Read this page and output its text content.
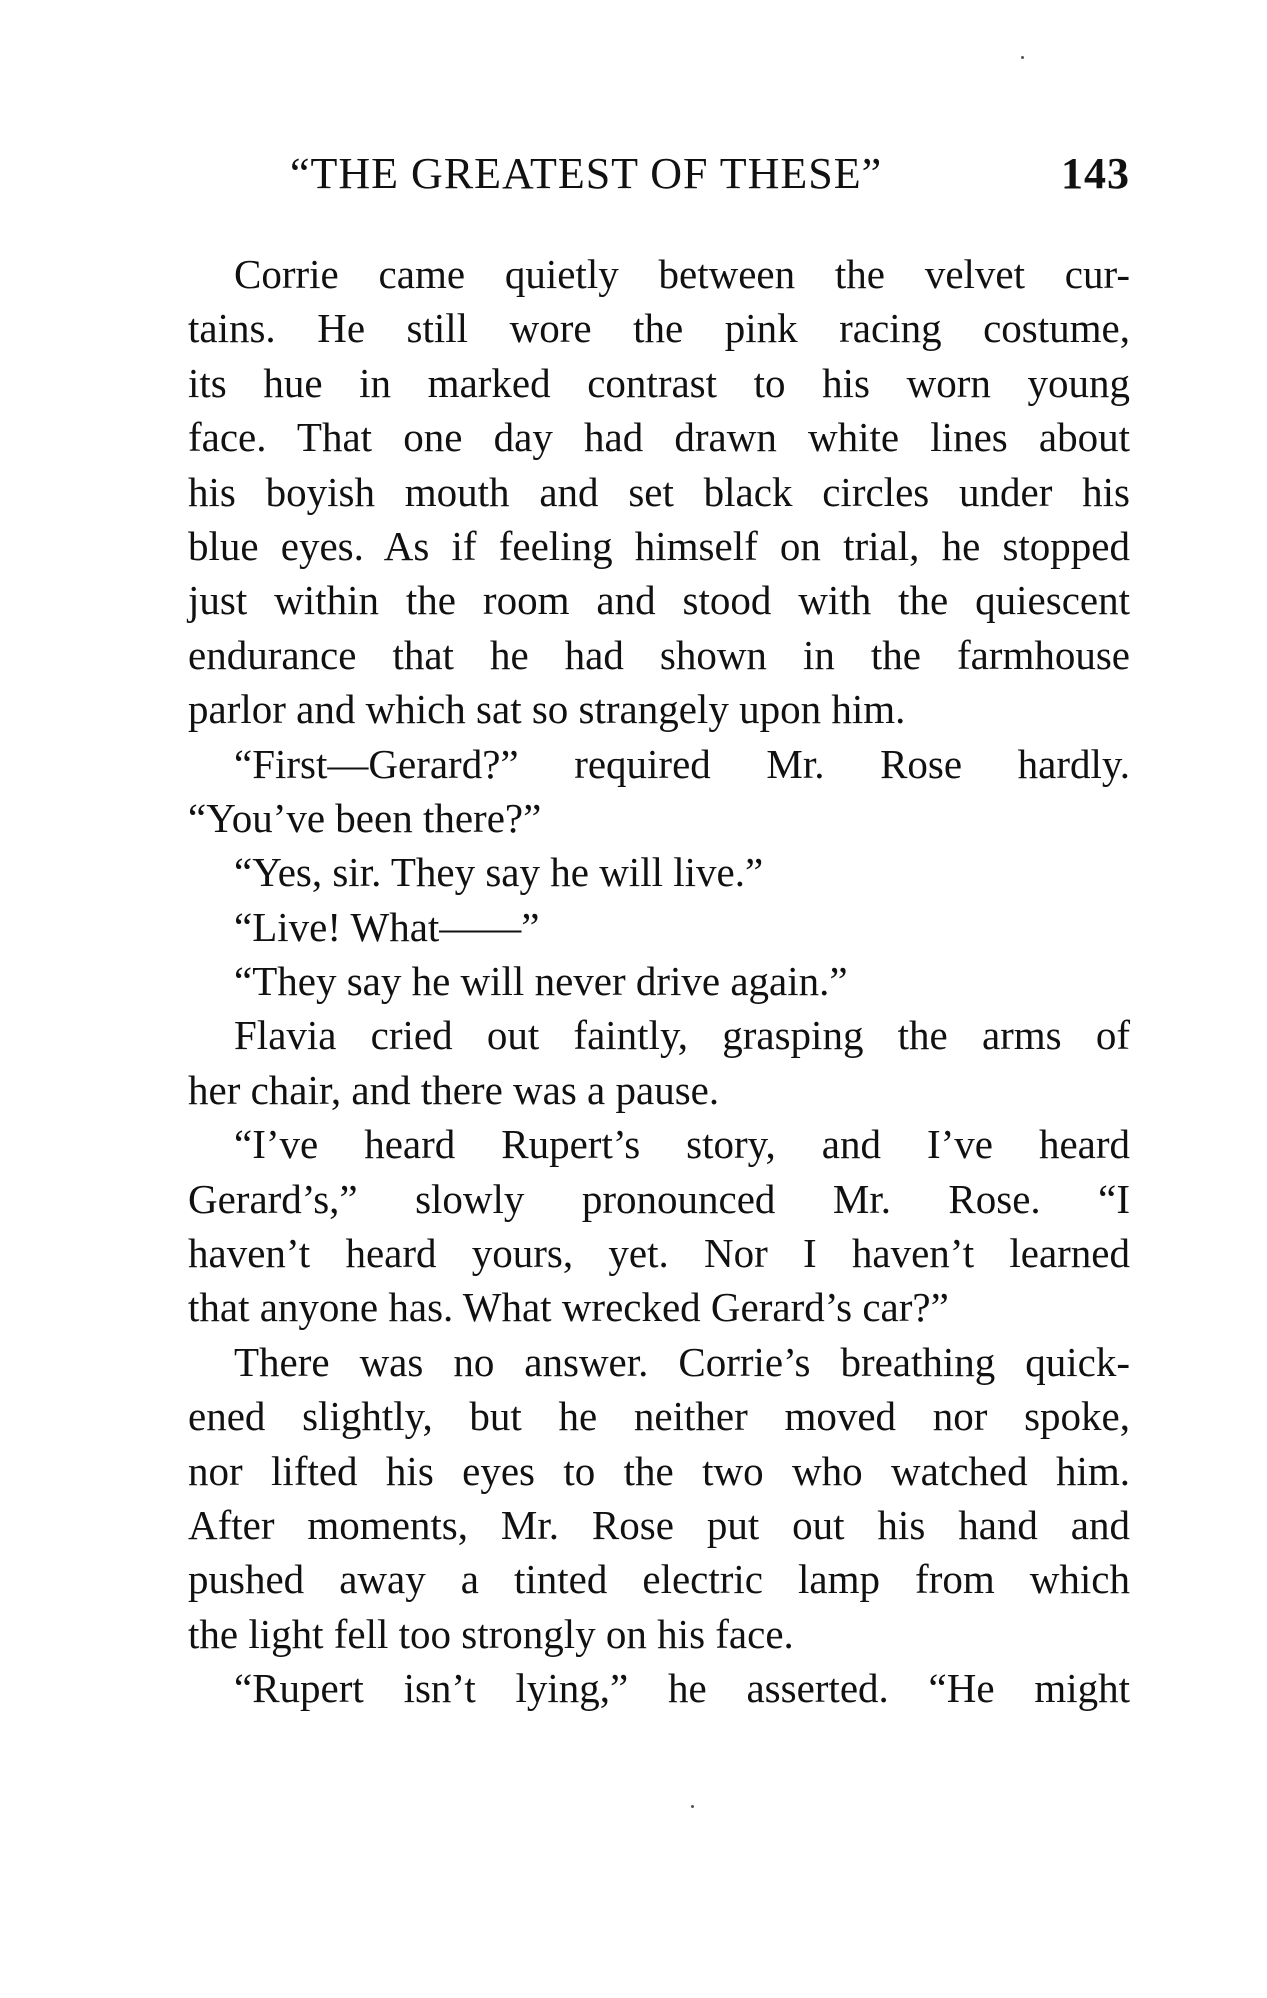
“THE GREATEST OF THESE”	143
Corrie came quietly between the velvet cur-
tains. He still wore the pink racing costume,
its hue in marked contrast to his worn young
face. That one day had drawn white lines about
his boyish mouth and set black circles under his
blue eyes. As if feeling himself on trial, he stopped
just within the room and stood with the quiescent
endurance that he had shown in the farmhouse
parlor and which sat so strangely upon him.
“First—Gerard?” required Mr. Rose hardly.
“You’ve been there?”
“Yes, sir. They say he will live.”
“Live! What——”
“They say he will never drive again.”
Flavia cried out faintly, grasping the arms of
her chair, and there was a pause.
“I’ve heard Rupert’s story, and I’ve heard
Gerard’s,” slowly pronounced Mr. Rose. “I
haven’t heard yours, yet. Nor I haven’t learned
that anyone has. What wrecked Gerard’s car?”
There was no answer. Corrie’s breathing quick-
ened slightly, but he neither moved nor spoke,
nor lifted his eyes to the two who watched him.
After moments, Mr. Rose put out his hand and
pushed away a tinted electric lamp from which
the light fell too strongly on his face.
“Rupert isn’t lying,” he asserted. “He might
